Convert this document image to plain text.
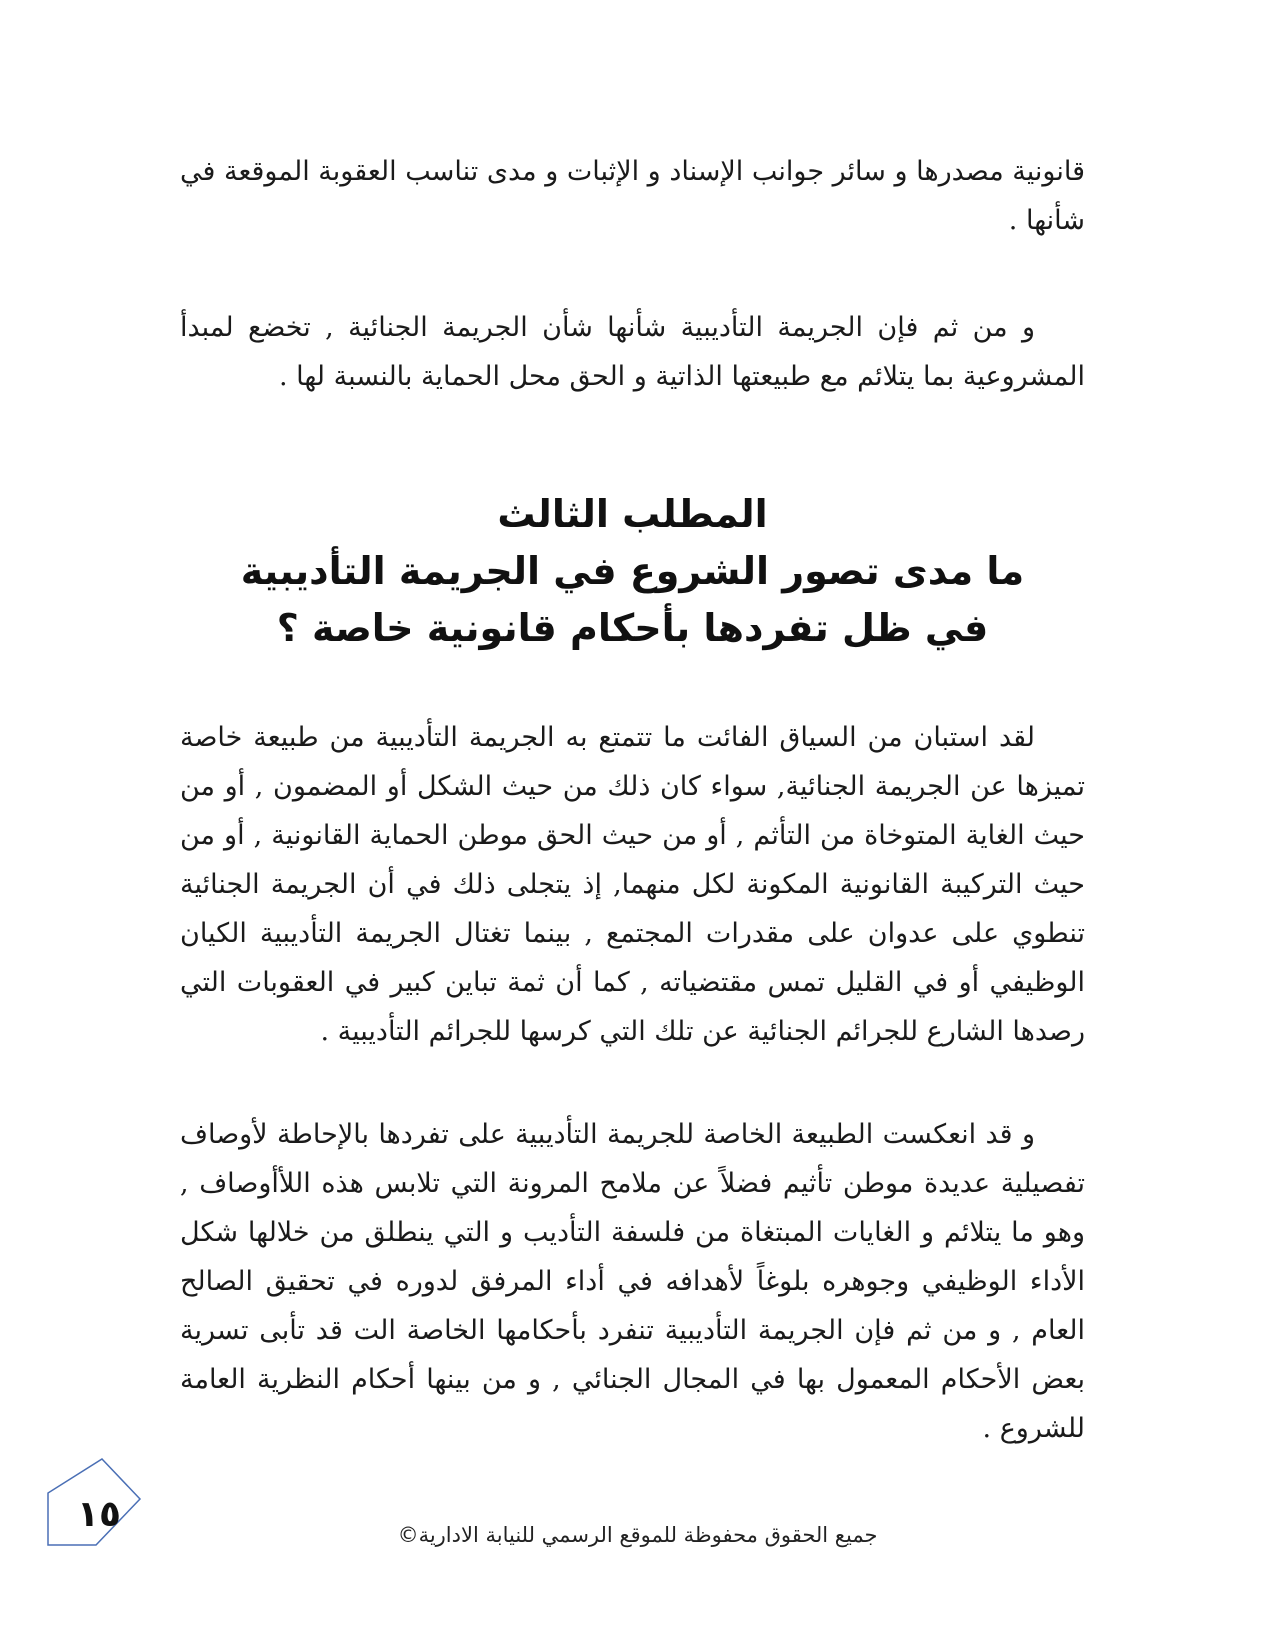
قانونية مصدرها و سائر جوانب الإسناد و الإثبات و مدى تناسب العقوبة الموقعة في شأنها .

و من ثم فإن الجريمة التأديبية شأنها شأن الجريمة الجنائية , تخضع لمبدأ المشروعية بما يتلائم مع طبيعتها الذاتية و الحق محل الحماية بالنسبة لها .

المطلب الثالث
ما مدى تصور الشروع في الجريمة التأديبية
في ظل تفردها بأحكام قانونية خاصة ؟

لقد استبان من السياق الفائت ما تتمتع به الجريمة التأديبية من طبيعة خاصة تميزها عن الجريمة الجنائية, سواء كان ذلك من حيث الشكل أو المضمون , أو من حيث الغاية المتوخاة من التأثم , أو من حيث الحق موطن الحماية القانونية , أو من حيث التركيبة القانونية المكونة لكل منهما, إذ يتجلى ذلك في أن الجريمة الجنائية تنطوي على عدوان على مقدرات المجتمع , بينما تغتال الجريمة التأديبية الكيان الوظيفي أو في القليل تمس مقتضياته , كما أن ثمة تباين كبير في العقوبات التي رصدها الشارع للجرائم الجنائية عن تلك التي كرسها للجرائم التأديبية .

و قد انعكست الطبيعة الخاصة للجريمة التأديبية على تفردها بالإحاطة لأوصاف تفصيلية عديدة موطن تأثيم فضلاً عن ملامح المرونة التي تلابس هذه اللأأوصاف , وهو ما يتلائم و الغايات المبتغاة من فلسفة التأديب و التي ينطلق من خلالها شكل الأداء الوظيفي وجوهره بلوغاً لأهدافه في أداء المرفق لدوره في تحقيق الصالح العام , و من ثم فإن الجريمة التأديبية تنفرد بأحكامها الخاصة الت قد تأبى تسرية بعض الأحكام المعمول بها في المجال الجنائي , و من بينها أحكام النظرية العامة للشروع .

جميع الحقوق محفوظة للموقع الرسمي للنيابة الادارية©
١٥
